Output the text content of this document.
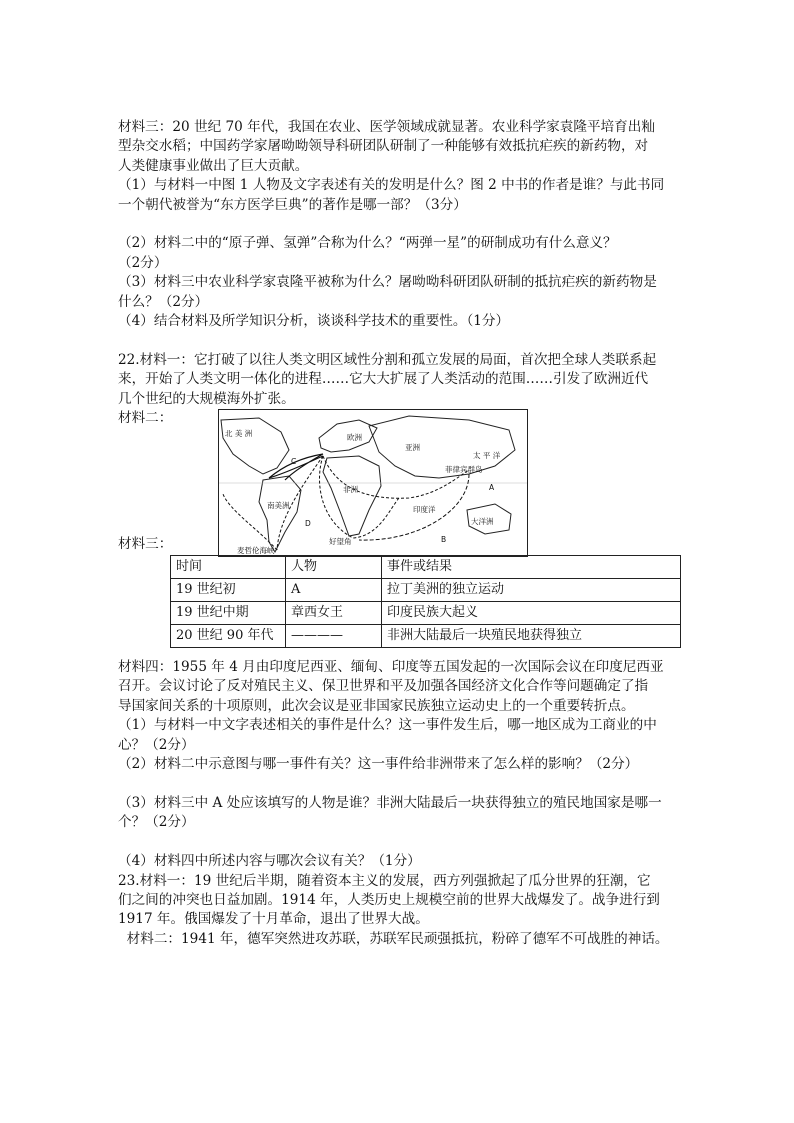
材料三：20 世纪 70 年代，我国在农业、医学领域成就显著。农业科学家袁隆平培育出籼
型杂交水稻；中国药学家屠呦呦领导科研团队研制了一种能够有效抵抗疟疾的新药物，对
人类健康事业做出了巨大贡献。
（1）与材料一中图 1 人物及文字表述有关的发明是什么？图 2 中书的作者是谁？与此书同
一个朝代被誉为“东方医学巨典”的著作是哪一部？（3分）
（2）材料二中的“原子弹、氢弹”合称为什么？“两弹一星”的研制成功有什么意义？
（2分）
（3）材料三中农业科学家袁隆平被称为什么？屠呦呦科研团队研制的抵抗疟疾的新药物是
什么？（2分）
（4）结合材料及所学知识分析，谈谈科学技术的重要性。（1分）
22.材料一：它打破了以往人类文明区域性分割和孤立发展的局面，首次把全球人类联系起
来，开始了人类文明一体化的进程……它大大扩展了人类活动的范围……引发了欧洲近代
几个世纪的大规模海外扩张。
材料二：
材料三：
北 美 洲	欧洲
亚洲
非洲
太 平 洋
菲律宾群岛
印度洋
大洋洲
好望角
麦哲伦海峡
南美洲
A
B
C
D
时间	人物	事件或结果
19 世纪初	A	拉丁美洲的独立运动
19 世纪中期	章西女王	印度民族大起义
20 世纪 90 年代	————	非洲大陆最后一块殖民地获得独立
材料四：1955 年 4 月由印度尼西亚、缅甸、印度等五国发起的一次国际会议在印度尼西亚
召开。会议讨论了反对殖民主义、保卫世界和平及加强各国经济文化合作等问题确定了指
导国家间关系的十项原则，此次会议是亚非国家民族独立运动史上的一个重要转折点。
（1）与材料一中文字表述相关的事件是什么？这一事件发生后，哪一地区成为工商业的中
心？（2分）
（2）材料二中示意图与哪一事件有关？这一事件给非洲带来了怎么样的影响？（2分）
（3）材料三中 A 处应该填写的人物是谁？非洲大陆最后一块获得独立的殖民地国家是哪一
个？（2分）
（4）材料四中所述内容与哪次会议有关？（1分）
23.材料一：19 世纪后半期，随着资本主义的发展，西方列强掀起了瓜分世界的狂潮，它
们之间的冲突也日益加剧。1914 年，人类历史上规模空前的世界大战爆发了。战争进行到
1917 年。俄国爆发了十月革命，退出了世界大战。
材料二：1941 年，德军突然进攻苏联，苏联军民顽强抵抗，粉碎了德军不可战胜的神话。
